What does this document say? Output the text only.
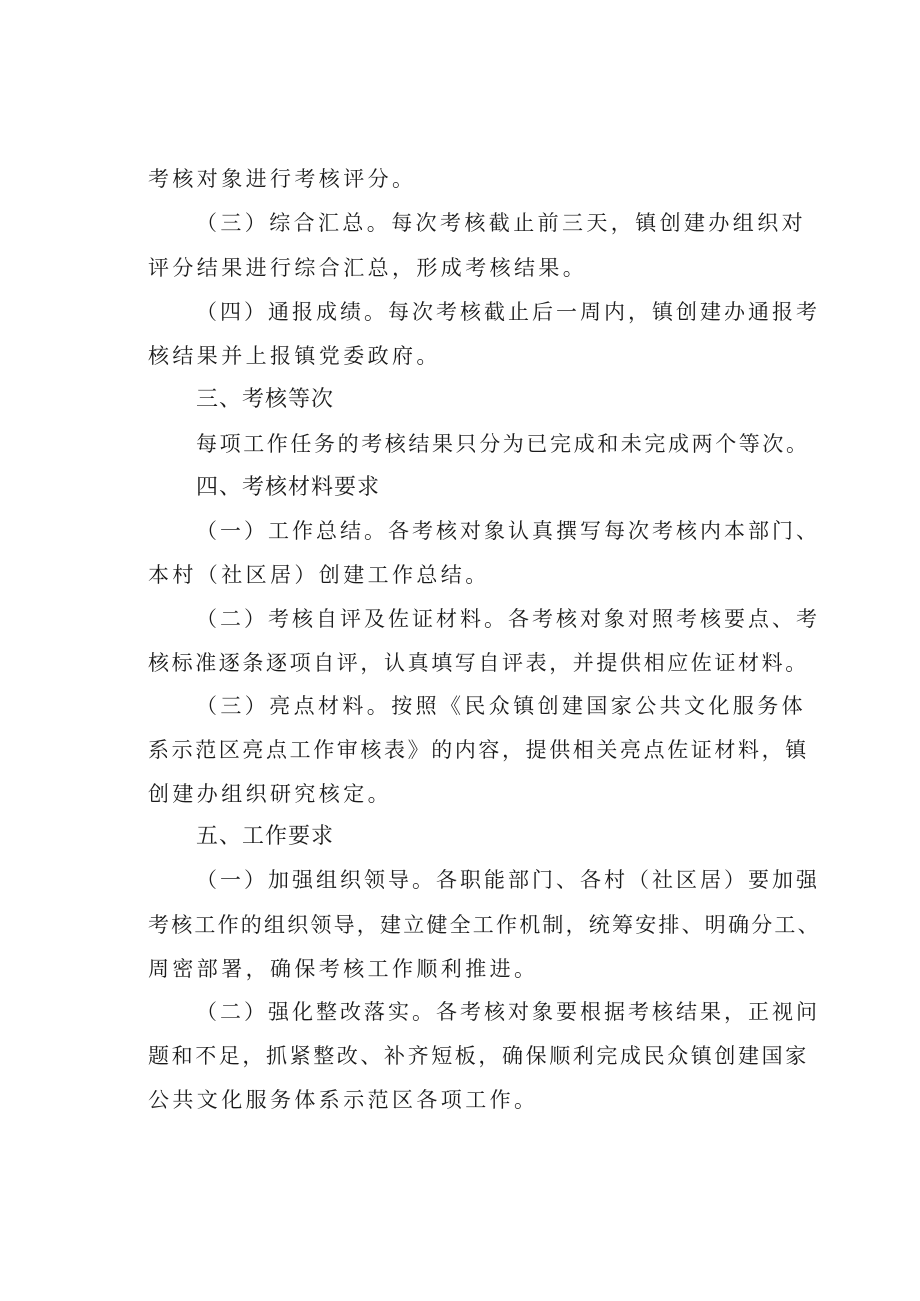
考核对象进行考核评分。
（三）综合汇总。每次考核截止前三天，镇创建办组织对
评分结果进行综合汇总，形成考核结果。
（四）通报成绩。每次考核截止后一周内，镇创建办通报考
核结果并上报镇党委政府。
三、考核等次
每项工作任务的考核结果只分为已完成和未完成两个等次。
四、考核材料要求
（一）工作总结。各考核对象认真撰写每次考核内本部门、
本村（社区居）创建工作总结。
（二）考核自评及佐证材料。各考核对象对照考核要点、考
核标准逐条逐项自评，认真填写自评表，并提供相应佐证材料。
（三）亮点材料。按照《民众镇创建国家公共文化服务体
系示范区亮点工作审核表》的内容，提供相关亮点佐证材料，镇
创建办组织研究核定。
五、工作要求
（一）加强组织领导。各职能部门、各村（社区居）要加强
考核工作的组织领导，建立健全工作机制，统筹安排、明确分工、
周密部署，确保考核工作顺利推进。
（二）强化整改落实。各考核对象要根据考核结果，正视问
题和不足，抓紧整改、补齐短板，确保顺利完成民众镇创建国家
公共文化服务体系示范区各项工作。
